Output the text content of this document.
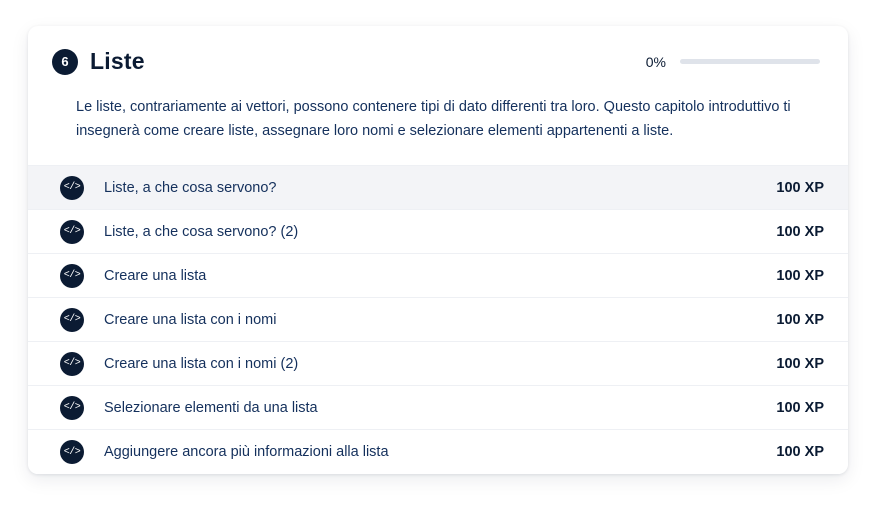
6 Liste	0%

Le liste, contrariamente ai vettori, possono contenere tipi di dato differenti tra loro. Questo capitolo introduttivo ti insegnerà come creare liste, assegnare loro nomi e selezionare elementi appartenenti a liste.

</> Liste, a che cosa servono?	100 XP
</> Liste, a che cosa servono? (2)	100 XP
</> Creare una lista	100 XP
</> Creare una lista con i nomi	100 XP
</> Creare una lista con i nomi (2)	100 XP
</> Selezionare elementi da una lista	100 XP
</> Aggiungere ancora più informazioni alla lista	100 XP
